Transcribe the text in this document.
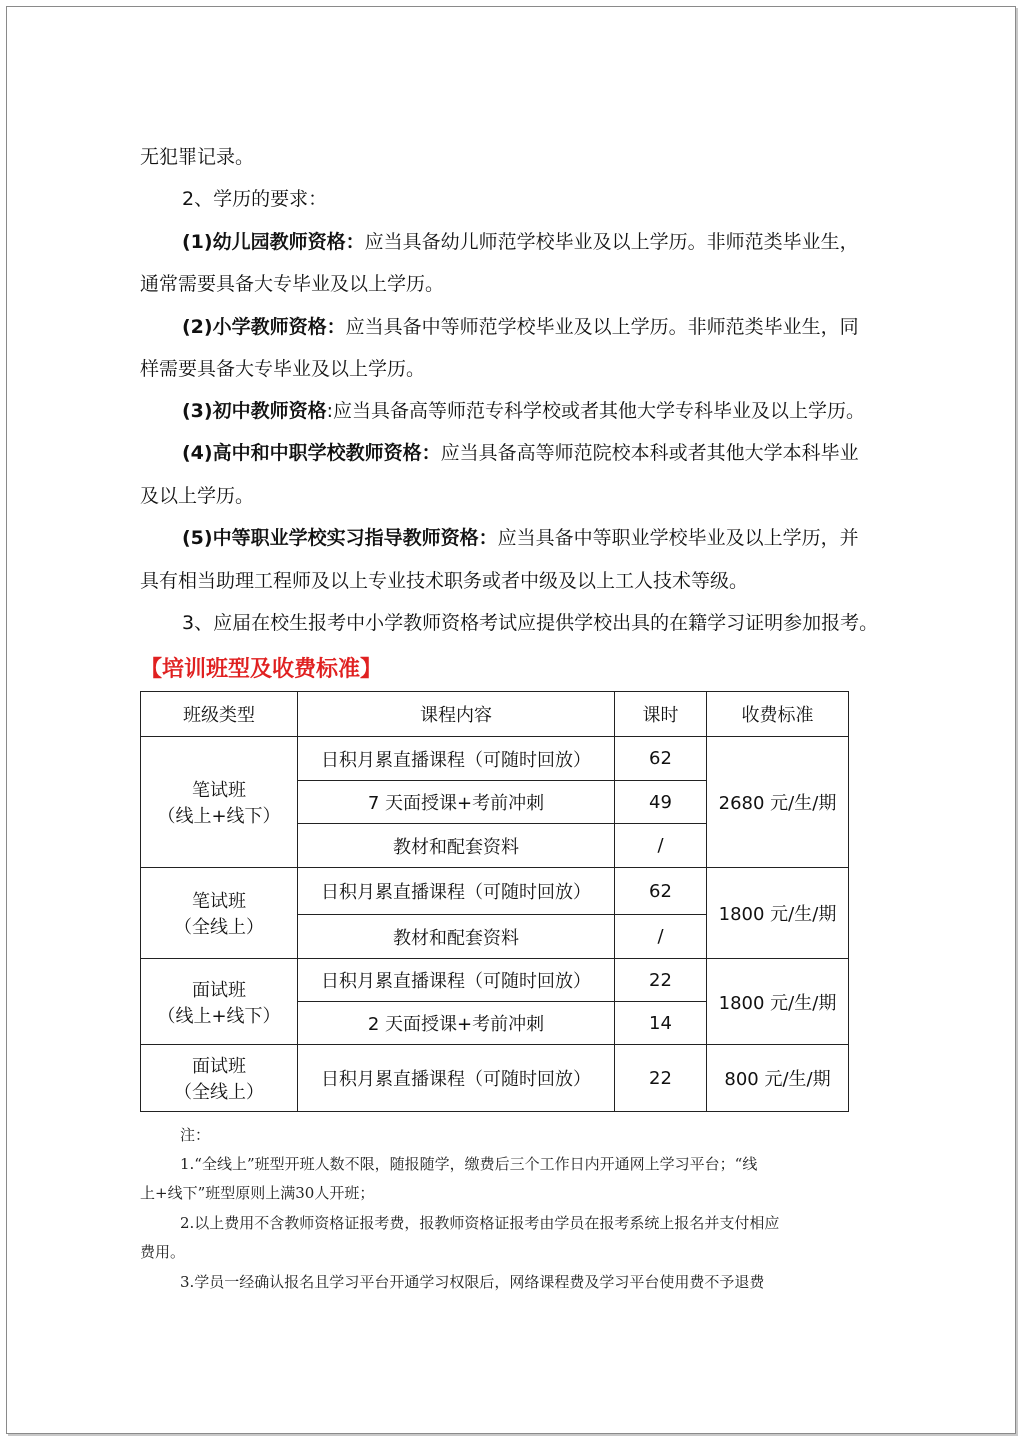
无犯罪记录。
2、学历的要求：
(1)幼儿园教师资格：应当具备幼儿师范学校毕业及以上学历。非师范类毕业生，
通常需要具备大专毕业及以上学历。
(2)小学教师资格：应当具备中等师范学校毕业及以上学历。非师范类毕业生，同
样需要具备大专毕业及以上学历。
(3)初中教师资格:应当具备高等师范专科学校或者其他大学专科毕业及以上学历。
(4)高中和中职学校教师资格：应当具备高等师范院校本科或者其他大学本科毕业
及以上学历。
(5)中等职业学校实习指导教师资格：应当具备中等职业学校毕业及以上学历，并
具有相当助理工程师及以上专业技术职务或者中级及以上工人技术等级。
3、应届在校生报考中小学教师资格考试应提供学校出具的在籍学习证明参加报考。
【培训班型及收费标准】
班级类型	课程内容	课时	收费标准

笔试班
（线上+线下）	日积月累直播课程（可随时回放）	62	2680 元/生/期
	7 天面授课+考前冲刺	49	
	教材和配套资料	/	

笔试班
（全线上）	日积月累直播课程（可随时回放）	62	1800 元/生/期
	教材和配套资料	/	

面试班
（线上+线下）	日积月累直播课程（可随时回放）	22	1800 元/生/期
	2 天面授课+考前冲刺	14	

面试班
（全线上）	日积月累直播课程（可随时回放）	22	800 元/生/期
注：
1.“全线上”班型开班人数不限，随报随学，缴费后三个工作日内开通网上学习平台；“线
上+线下”班型原则上满30人开班；
2.以上费用不含教师资格证报考费，报教师资格证报考由学员在报考系统上报名并支付相应
费用。
3.学员一经确认报名且学习平台开通学习权限后，网络课程费及学习平台使用费不予退费
